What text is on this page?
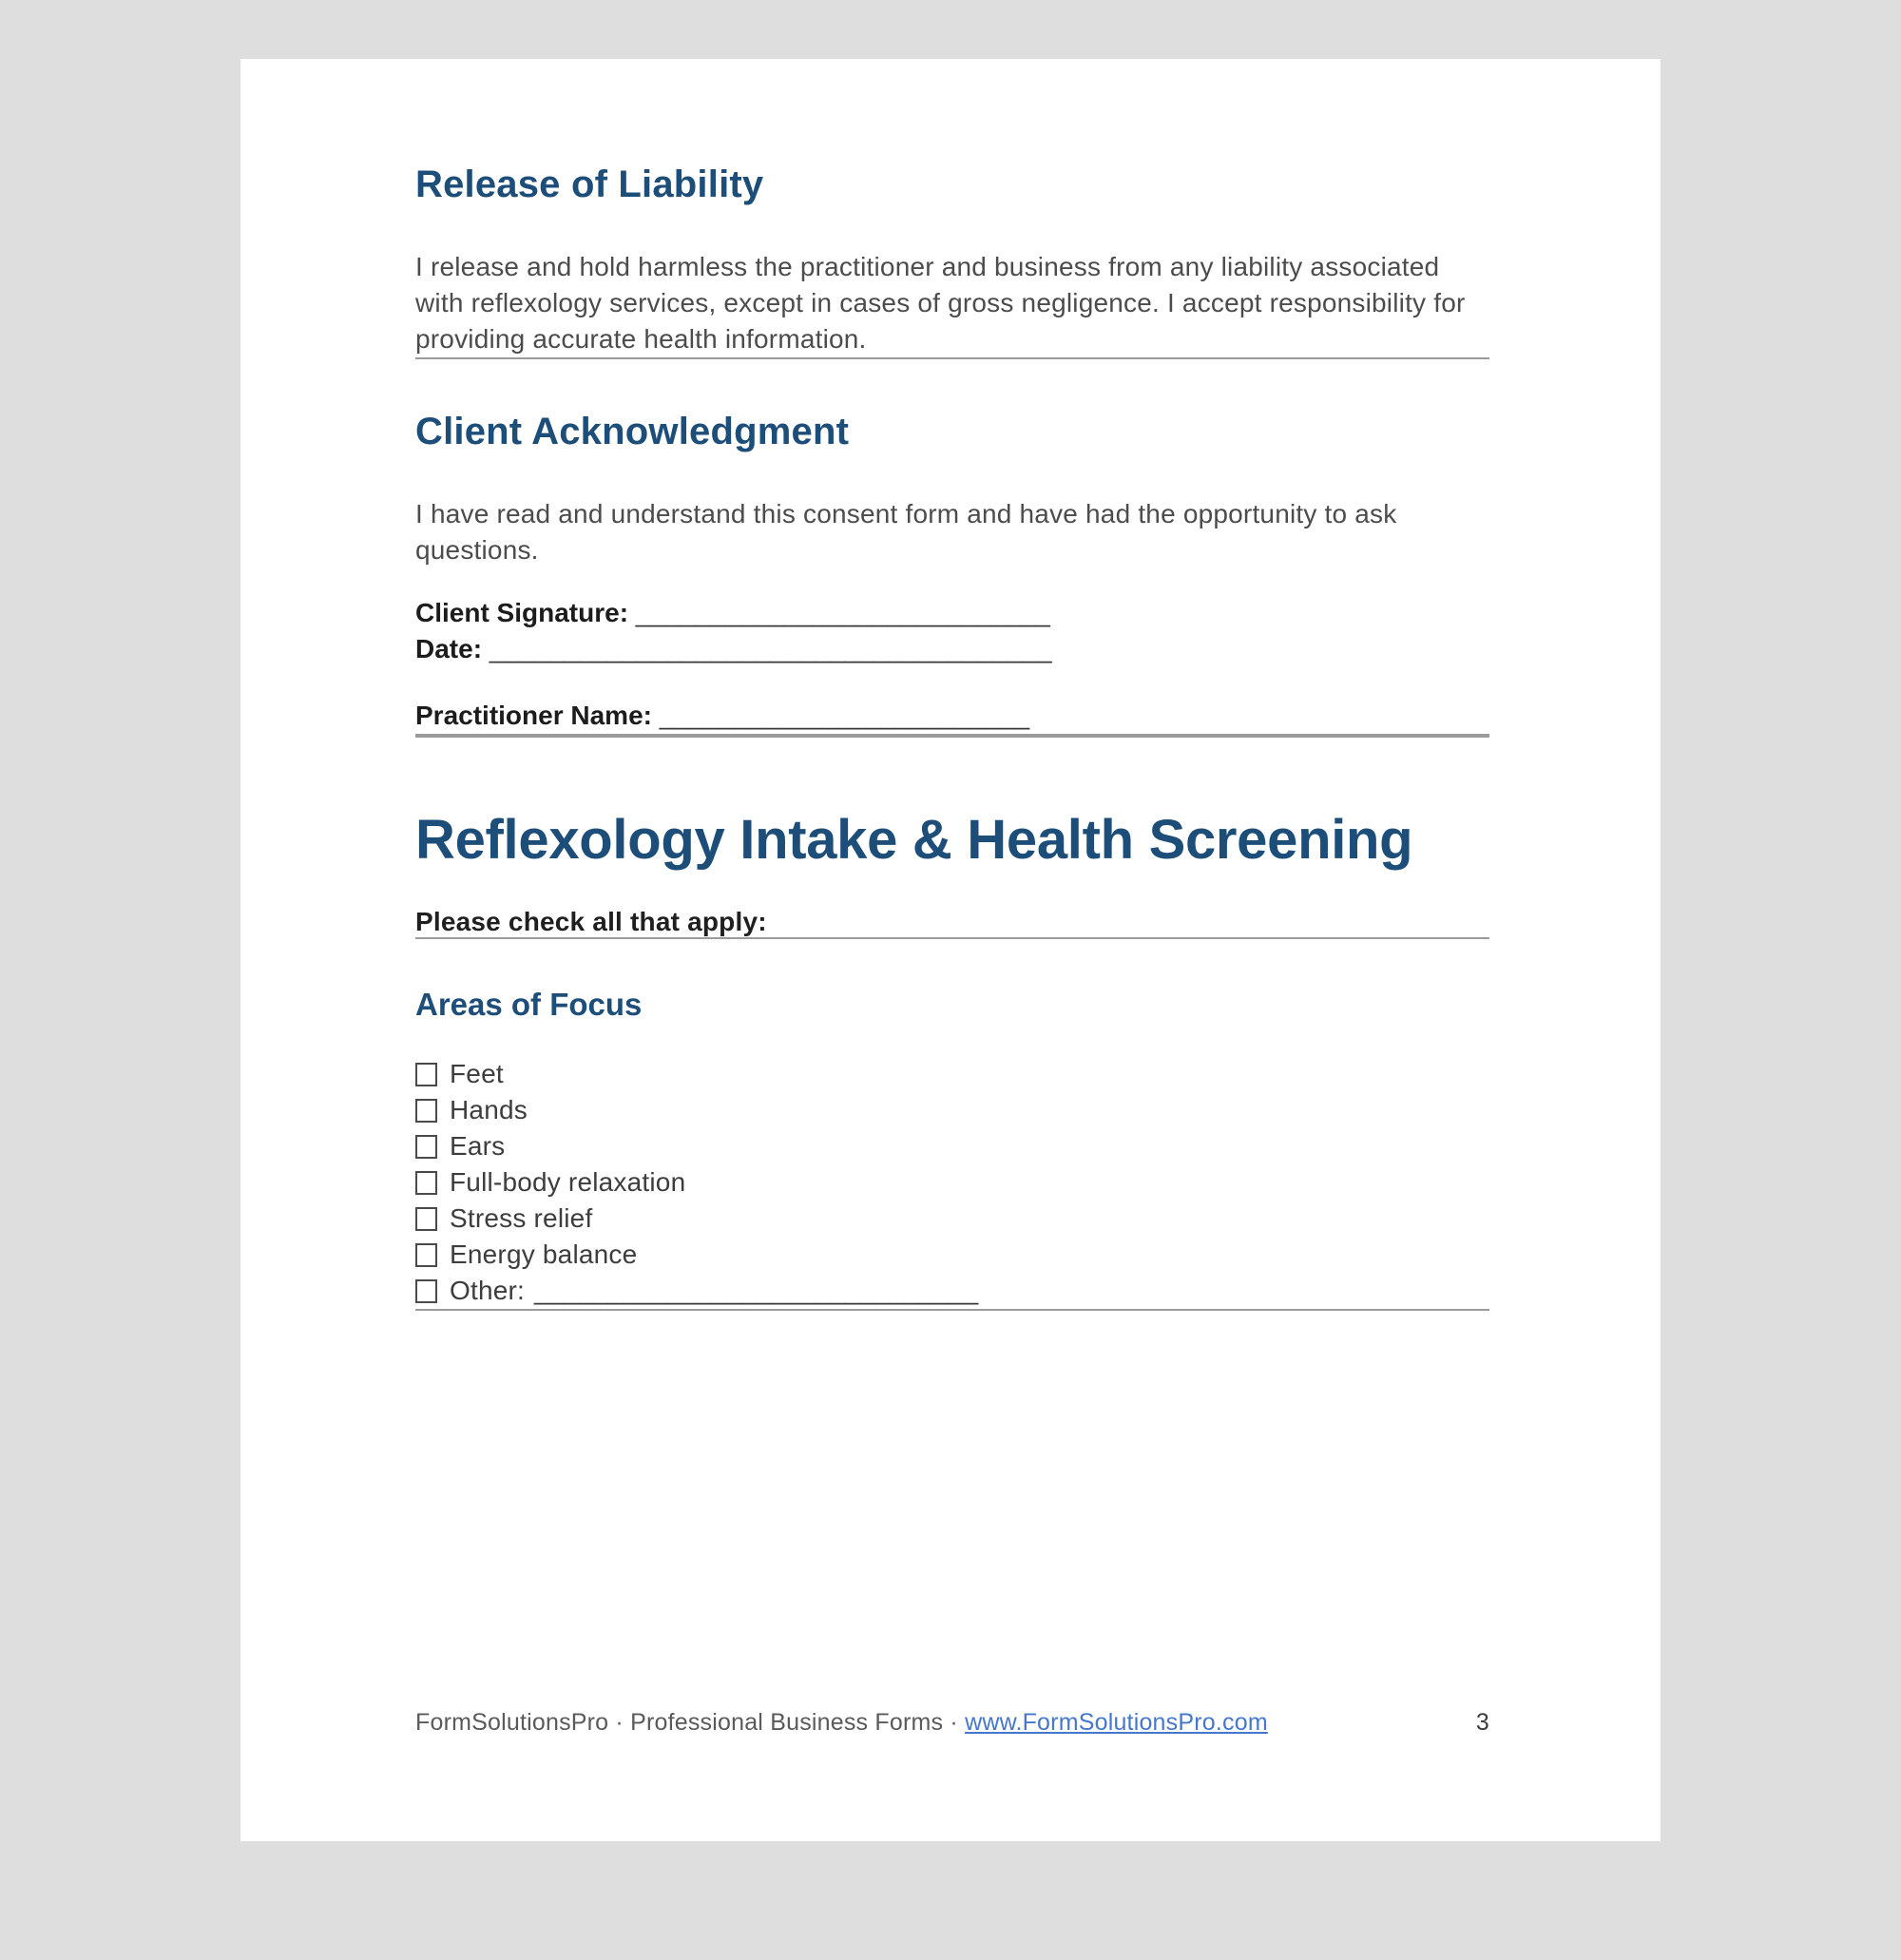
Release of Liability

I release and hold harmless the practitioner and business from any liability associated with reflexology services, except in cases of gross negligence. I accept responsibility for providing accurate health information.

Client Acknowledgment

I have read and understand this consent form and have had the opportunity to ask questions.

Client Signature: ____________________________
Date: ______________________________________
Practitioner Name: _________________________
Reflexology Intake & Health Screening
Please check all that apply:
Areas of Focus
Feet
Hands
Ears
Full-body relaxation
Stress relief
Energy balance
Other: ______________________________
FormSolutionsPro · Professional Business Forms · www.FormSolutionsPro.com	3
